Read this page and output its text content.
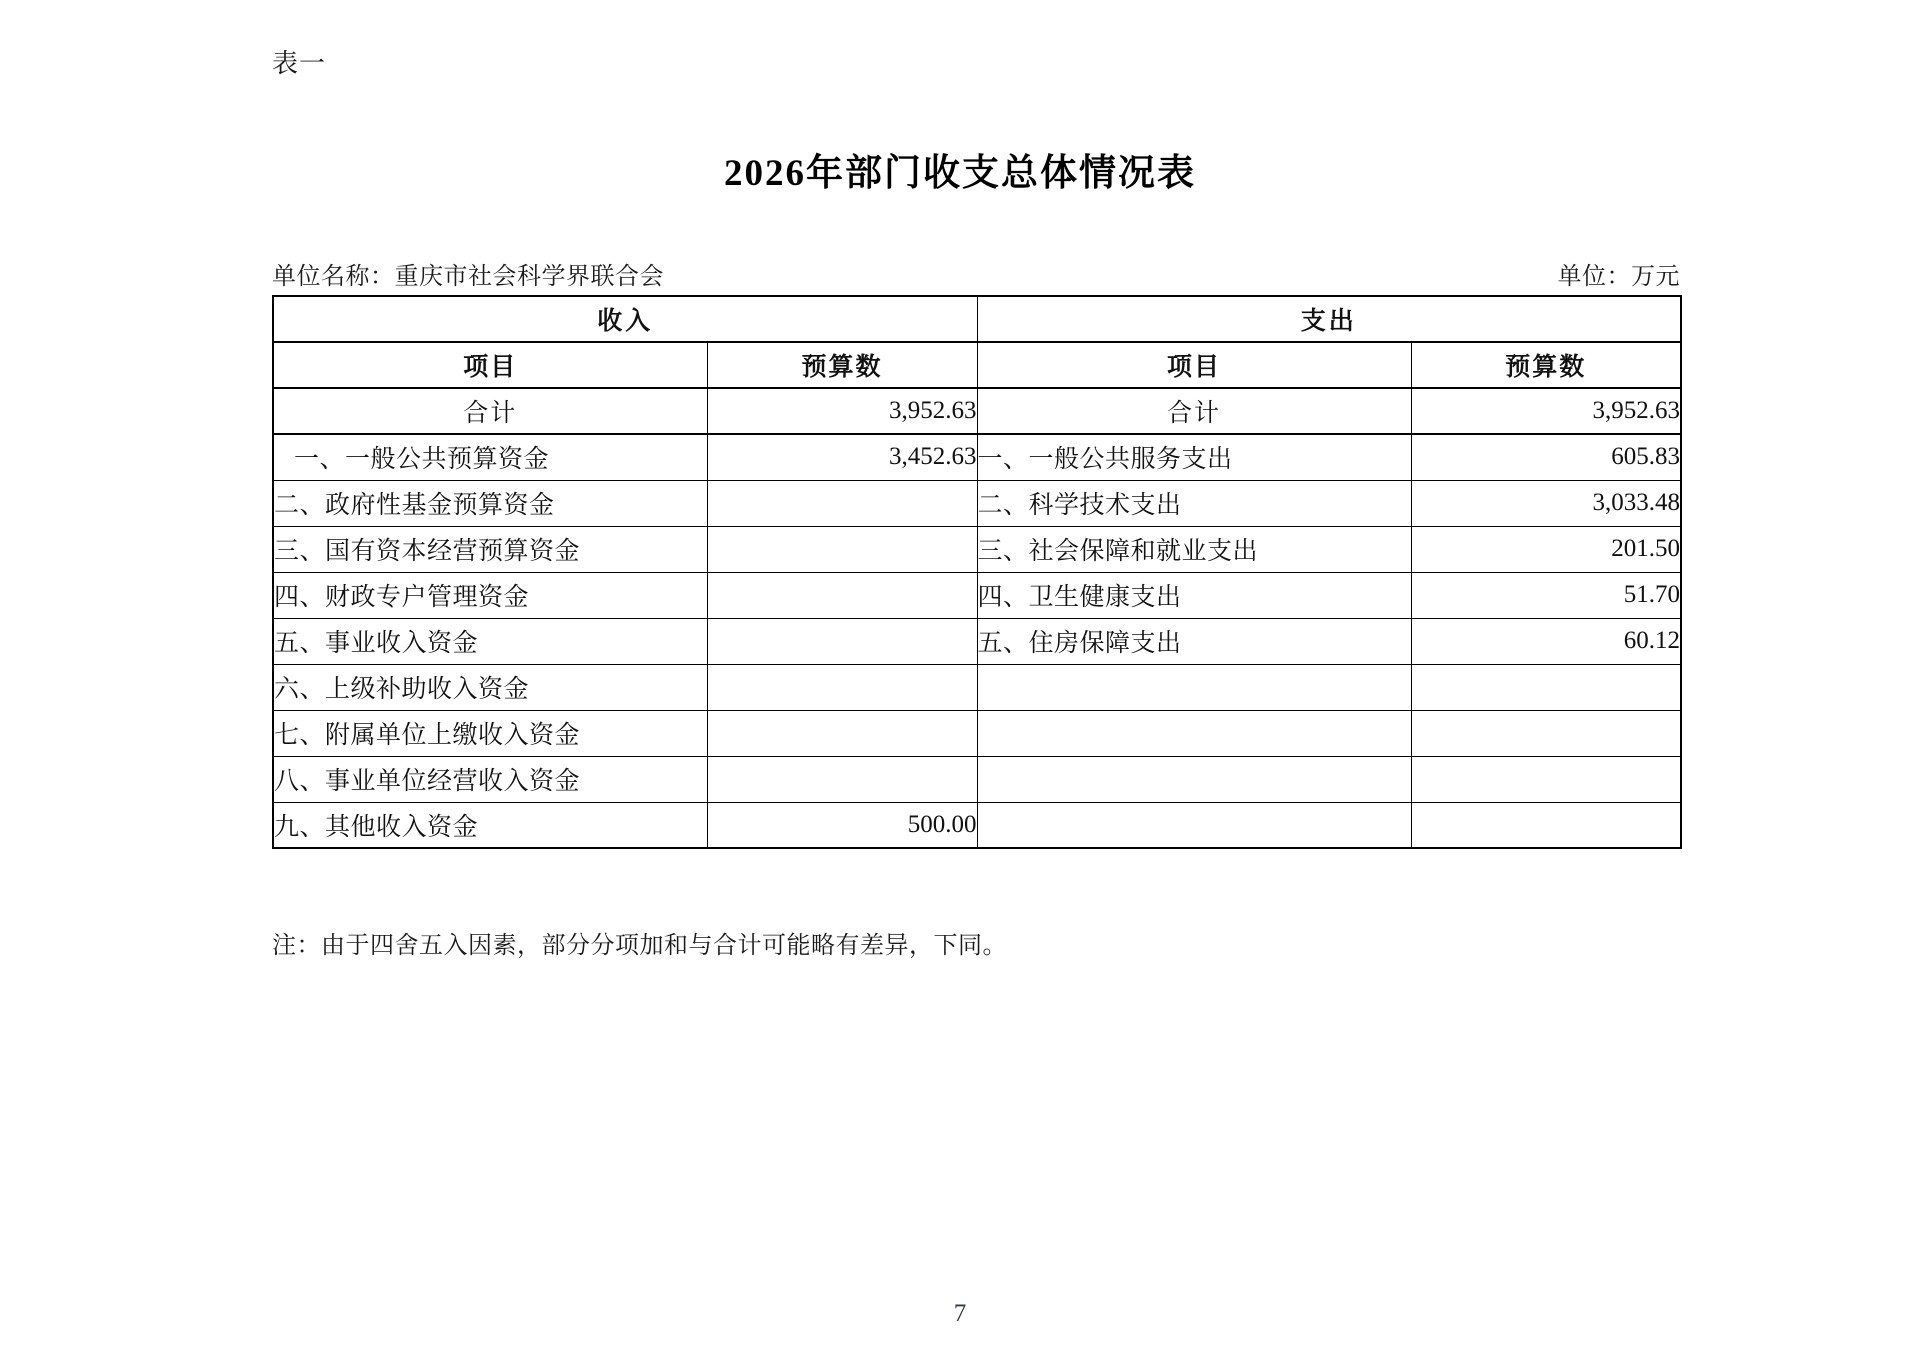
表一
2026年部门收支总体情况表
单位名称：重庆市社会科学界联合会	单位：万元
收入		支出	
项目	预算数	项目	预算数
合计	3,952.63	合计	3,952.63
一、一般公共预算资金	3,452.63	一、一般公共服务支出	605.83
二、政府性基金预算资金		二、科学技术支出	3,033.48
三、国有资本经营预算资金		三、社会保障和就业支出	201.50
四、财政专户管理资金		四、卫生健康支出	51.70
五、事业收入资金		五、住房保障支出	60.12
六、上级补助收入资金			
七、附属单位上缴收入资金			
八、事业单位经营收入资金			
九、其他收入资金	500.00		
注：由于四舍五入因素，部分分项加和与合计可能略有差异，下同。
7
